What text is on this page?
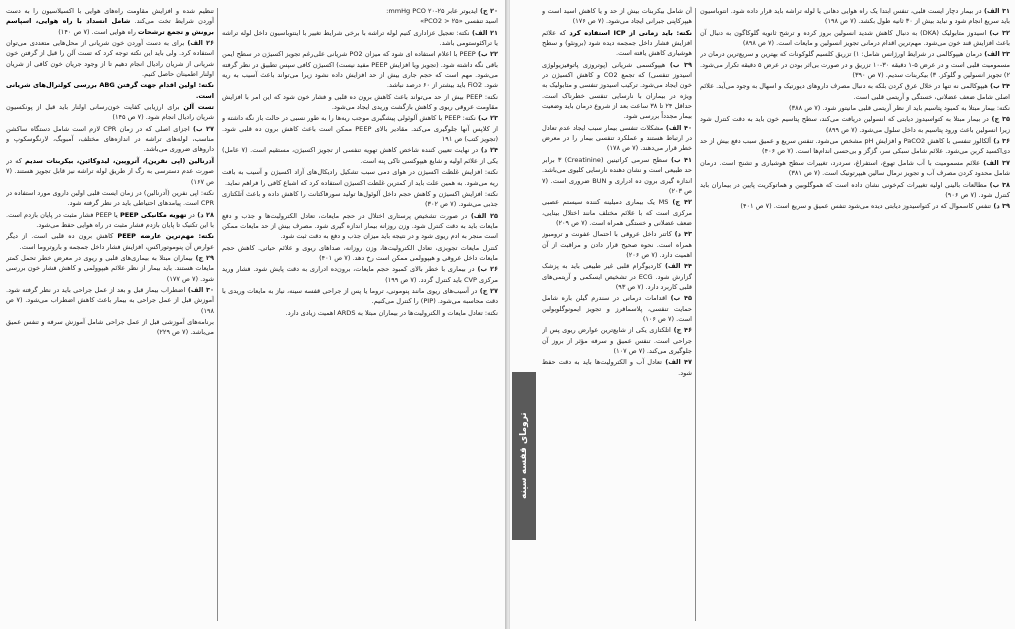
۲۰ ج) ایدیوتر عابر ۲۵-۲۰ mmHg PCO:
اسید تنفسی «۲۵ < PCO2»

۲۱ الف) نکته: تعجیل عزاداری کنیم لوله تراشه با برخی شرایط تغییر با اینتوباسیون داخل لوله تراشه یا تراکئوستومی باشد.

۲۲ ب) PEEP با اعلام استفاده ای شود که میزان PO2 شریانی علی‌رغم تجویز اکسیژن در سطح ایمن باقی نگه داشته شود. (تجویز ویا افزایش PEEP مفید نیست) اکسیژن کافی سپس تطبیق در نظر گرفته می‌شود. مهم است که حجم جاری بیش از حد افزایش داده نشود زیرا می‌تواند باعث آسیب به ریه شود. FiO2 باید بیشتر از ۶۰ درصد نباشد.

نکته: PEEP بیش از حد می‌تواند باعث کاهش برون ده قلبی و فشار خون شود که این امر با افزایش مقاومت عروقی ریوی و کاهش بازگشت وریدی ایجاد می‌شود.

۲۳ ب) نکته: PEEP با کاهش آلوئولی پیشگیری موجب ریه‌ها را به طور نسبی در حالت باز نگه داشته و از کلاپس آنها جلوگیری می‌کند. مقادیر بالای PEEP ممکن است باعث کاهش برون ده قلبی شود. (تجویز کتب) ص ۱۹۱

۲۴ د) در نهایت تعیین کننده شاخص کاهش تهویه تنفسی از تجویز اکسیژن، مستقیم است. (۷ عامل) یکی از علائم اولیه و شایع هیپوکسی تاکی پنه است.

نکته: افزایش غلظت اکسیژن در هوای دمی سبب تشکیل رادیکال‌های آزاد اکسیژن و آسیب به بافت ریه می‌شود. به همین علت باید از کمترین غلظت اکسیژن استفاده کرد که اشباع کافی را فراهم نماید.

نکته: افزایش اکسیژن و کاهش حجم داخل آلوئول‌ها تولید سورفاکتانت را کاهش داده و باعث آتلکتازی جذبی می‌شود. (۷ ص ۳۰۲)

۲۵ الف) در صورت تشخیص پرستاری اختلال در حجم مایعات، تعادل الکترولیت‌ها و جذب و دفع مایعات باید به دقت کنترل شود. وزن روزانه بیمار اندازه گیری شود. مصرف بیش از حد مایعات ممکن است منجر به ادم ریوی شود و در نتیجه باید میزان جذب و دفع به دقت ثبت شود.

کنترل مایعات تجویزی، تعادل الکترولیت‌ها، وزن روزانه، صداهای ریوی و علائم حیاتی. کاهش حجم مایعات داخل عروقی و هیپوولمی ممکن است رخ دهد. (۷ ص ۴۰۱)

۲۶ ب) در بیماری با خطر بالای کمبود حجم مایعات، برون‌ده ادراری به دقت پایش شود. فشار ورید مرکزی CVP باید کنترل گردد. (۷ ص ۱۹۹)

۲۷ ج) در آسیب‌های ریوی مانند پنومونی، تروما یا پس از جراحی قفسه سینه، نیاز به مایعات وریدی با دقت محاسبه می‌شود. (PIP) را کنترل می‌کنیم.

نکته: تعادل مایعات و الکترولیت‌ها در بیماران مبتلا به ARDS اهمیت زیادی دارد.

تنظیم شده و افزایش مقاومت راه‌های هوایی با اکسیلاسیون را به دست آوردن شرایط تخت می‌کند. شامل انسداد با راه هوایی، اسپاسم برونش و تجمع ترشحات راه هوایی است. (۷ ص ۱۴۰)

۲۶ الف) برای به دست آوردن خون شریانی از محل‌هایی متعددی می‌توان استفاده کرد. ولی باید این نکته توجه کرد که تست آلن را قبل از گرفتن خون شریانی از شریان رادیال انجام دهیم تا از وجود جریان خون کافی از شریان اولنار اطمینان حاصل کنیم.

نکته: اولین اقدام جهت گرفتن ABG بررسی کولترال‌های شریانی است.

تست آلن برای ارزیابی کفایت خون‌رسانی اولنار باید قبل از پونکسیون شریان رادیال انجام شود. (۷ ص ۱۴۵)

۲۷ ب) اجزای اصلی که در زمان CPR لازم است شامل دستگاه ساکشن مناسب، لوله‌های تراشه در اندازه‌های مختلف، آمبوبگ، لارنگوسکوپ و داروهای ضروری می‌باشد.

آدرنالین (اپی نفرین)، آتروپین، لیدوکائین، بیکربنات سدیم که در صورت عدم دسترسی به رگ از طریق لوله تراشه نیز قابل تجویز هستند. (۷ ص ۱۶۷)

نکته: اپی نفرین (آدرنالین) در زمان ایست قلبی اولین داروی مورد استفاده در CPR است. پیامدهای احتیاطی باید در نظر گرفته شود.

۲۸ د) در تهویه مکانیکی PEEP یا PEEP فشار مثبت در پایان بازدم است. با این تکنیک تا پایان بازدم فشار مثبت در راه هوایی حفظ می‌شود.

نکته: مهم‌ترین عارضه PEEP کاهش برون ده قلبی است. از دیگر عوارض آن پنوموتوراکس، افزایش فشار داخل جمجمه و باروتروما است.

۲۹ ج) بیماران مبتلا به بیماری‌های قلبی و ریوی در معرض خطر تحمل کمتر مایعات هستند. باید بیمار از نظر علائم هیپوولمی و کاهش فشار خون بررسی شود. (۷ ص ۱۷۷)

۳۰ الف) اضطراب بیمار قبل و بعد از عمل جراحی باید در نظر گرفته شود. آموزش قبل از عمل جراحی به بیمار باعث کاهش اضطراب می‌شود. (۷ ص ۱۹۸)

برنامه‌های آموزشی قبل از عمل جراحی شامل آموزش سرفه و تنفس عمیق می‌باشد. (۷ ص ۲۲۹)

۳۱ الف) در بیمار دچار ایست قلبی، تنفس ابتدا یک راه هوایی دهانی یا لوله تراشه باید قرار داده شود. انتوباسیون باید سریع انجام شود و نباید بیش از ۳۰ ثانیه طول بکشد. (۷ ص ۱۹۸)

۳۲ ب) اسیدوز متابولیک (DKA) به دنبال کاهش شدید انسولین بروز کرده و ترشح ثانویه گلوکاگون به دنبال آن باعث افزایش قند خون می‌شود. مهم‌ترین اقدام درمانی تجویز انسولین و مایعات است. (۷ ص ۸۹۸)

۳۳ الف) درمان هیپوکالمی در شرایط اورژانس شامل: ۱) تزریق کلسیم گلوکونات که بهترین و سریع‌ترین درمان در مسمومیت قلبی است و در عرض ۵-۱ دقیقه ۳۰-۱۰ تزریق و در صورت بی‌اثر بودن در عرض ۵ دقیقه تکرار می‌شود. ۲) تجویز انسولین و گلوکز. ۳) بیکربنات سدیم. (۷ ص ۳۹۰)

۳۴ ب) هیپوکالمی نه تنها در خلال عرق کردن بلکه به دنبال مصرف داروهای دیورتیک و اسهال به وجود می‌آید. علائم اصلی شامل ضعف عضلانی، خستگی و آریتمی قلبی است.

نکته: بیمار مبتلا به کمبود پتاسیم باید از نظر آریتمی قلبی مانیتور شود. (۷ ص ۳۸۸)

۳۵ ج) در بیمار مبتلا به کتواسیدوز دیابتی که انسولین دریافت می‌کند، سطح پتاسیم خون باید به دقت کنترل شود زیرا انسولین باعث ورود پتاسیم به داخل سلول می‌شود. (۷ ص ۸۹۹)

۳۶ د) آلکالوز تنفسی با کاهش PaCO2 و افزایش pH مشخص می‌شود. تنفس سریع و عمیق سبب دفع بیش از حد دی‌اکسید کربن می‌شود. علائم شامل سبکی سر، گزگز و بی‌حسی اندام‌ها است. (۷ ص ۴۰۶)

۳۷ الف) علائم مسمومیت با آب شامل تهوع، استفراغ، سردرد، تغییرات سطح هوشیاری و تشنج است. درمان شامل محدود کردن مصرف آب و تجویز نرمال سالین هیپرتونیک است. (۷ ص ۳۸۱)

۳۸ ب) مطالعات بالینی اولیه تغییرات کم‌خونی نشان داده است که هموگلوبین و هماتوکریت پایین در بیماران باید کنترل شود. (۷ ص ۹۰۶)

۳۹ د) تنفس کاسموال که در کتواسیدوز دیابتی دیده می‌شود تنفس عمیق و سریع است. (۷ ص ۴۰۱)

آن شامل بیکربنات بیش از حد و یا کاهش اسید است و هیپرکاپنی جبرانی ایجاد می‌شود. (۷ ص ۱۷۶)

نکته: باید زمانی از ICP استفاده کرد که علائم افزایش فشار داخل جمجمه دیده شود (برونئو) و سطح هوشیاری کاهش یافته است.

۳۹ ب) هیپوکسمی شریانی (پوتروزی پاتوفیزیولوژی اسیدوز تنفسی) که تجمع CO2 و کاهش اکسیژن در خون ایجاد می‌شود. ترکیب اسیدوز تنفسی و متابولیک به ویژه در بیماران با نارسایی تنفسی خطرناک است. حداقل ۲۴ تا ۳۸ ساعت بعد از شروع درمان باید وضعیت بیمار مجدداً بررسی شود.

۴۰ الف) مشکلات تنفسی بیمار سبب ایجاد عدم تعادل در ارتباط هستند و عملکرد تنفسی بیمار را در معرض خطر قرار می‌دهند. (۷ ص ۱۷۸)

۴۱ ب) سطح سرمی کراتینین (Creatinine) ۳ برابر حد طبیعی است و نشان دهنده نارسایی کلیوی می‌باشد. اندازه گیری برون ده ادراری و BUN ضروری است. (۷ ص ۲۰۳)

۴۲ ج) MS یک بیماری دمیلینه کننده سیستم عصبی مرکزی است که با علائم مختلف مانند اختلال بینایی، ضعف عضلانی و خستگی همراه است. (۷ ص ۲۰۹)

۴۳ د) کاتتر داخل عروقی با احتمال عفونت و ترومبوز همراه است. نحوه صحیح قرار دادن و مراقبت از آن اهمیت دارد. (۷ ص ۲۰۶)

۴۴ الف) کاردیوگرام قلبی غیر طبیعی باید به پزشک گزارش شود. ECG در تشخیص ایسکمی و آریتمی‌های قلبی کاربرد دارد. (۷ ص ۹۳)

۴۵ ب) اقدامات درمانی در سندرم گیلن باره شامل حمایت تنفسی، پلاسمافرز و تجویز ایمونوگلوبولین است. (۷ ص ۱۰۶)

۴۶ ج) اتلکتازی یکی از شایع‌ترین عوارض ریوی پس از جراحی است. تنفس عمیق و سرفه مؤثر از بروز آن جلوگیری می‌کند. (۷ ص ۱۰۷)

۴۷ الف) تعادل آب و الکترولیت‌ها باید به دقت حفظ شود.

ترومای قفسه سینه
